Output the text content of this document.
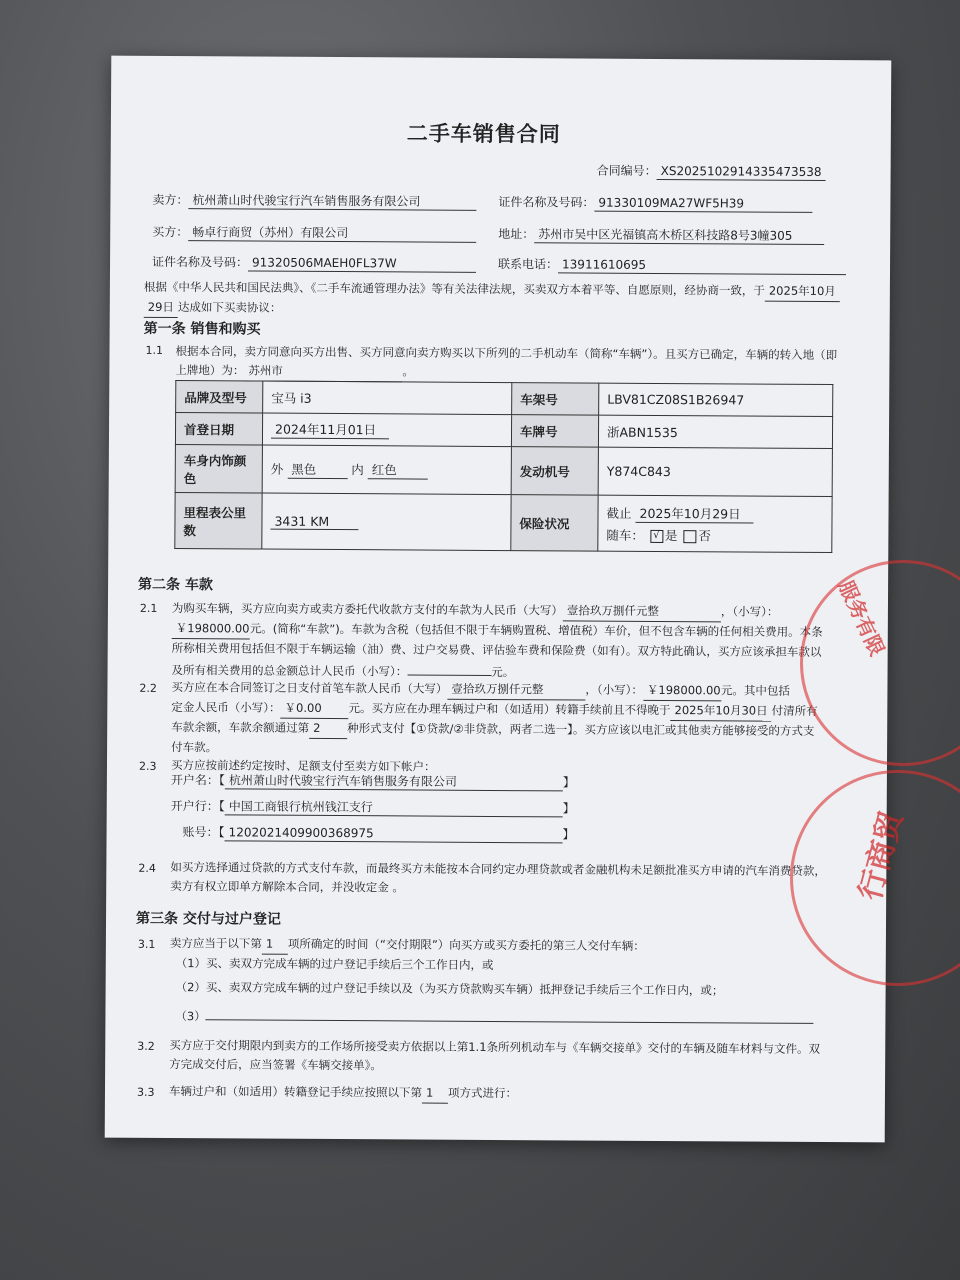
二手车销售合同
合同编号： XS2025102914335473538
卖方： 杭州萧山时代骏宝行汽车销售服务有限公司	证件名称及号码： 91330109MA27WF5H39
买方： 畅卓行商贸（苏州）有限公司	地址： 苏州市吴中区光福镇高木桥区科技路8号3幢305
证件名称及号码： 91320506MAEH0FL37W	联系电话： 13911610695
根据《中华人民共和国民法典》、《二手车流通管理办法》等有关法律法规，买卖双方本着平等、自愿原则，经协商一致，于 2025年10月
29日 达成如下买卖协议：
第一条 销售和购买
1.1 根据本合同，卖方同意向买方出售、买方同意向卖方购买以下所列的二手机动车（简称“车辆”）。且买方已确定，车辆的转入地（即
上牌地）为： 苏州市	。
品牌及型号	宝马 i3	车架号	LBV81CZ08S1B26947
首登日期	2024年11月01日	车牌号	浙ABN1535
车身内饰颜色	外 黑色 内 红色	发动机号	Y874C843
里程表公里数	3431 KM	保险状况	截止 2025年10月29日
随车： √ 是 否
第二条 车款
2.1 为购买车辆，买方应向卖方或卖方委托代收款方支付的车款为人民币（大写） 壹拾玖万捌仟元整	，（小写）：
￥198000.00元。(简称“车款”)。车款为含税（包括但不限于车辆购置税、增值税）车价，但不包含车辆的任何相关费用。本条
所称相关费用包括但不限于车辆运输（油）费、过户交易费、评估验车费和保险费（如有）。双方特此确认，买方应该承担车款以
及所有相关费用的总金额总计人民币（小写）：	元。
2.2 买方应在本合同签订之日支付首笔车款人民币（大写） 壹拾玖万捌仟元整	，（小写）： ￥198000.00元。其中包括
定金人民币（小写）： ￥0.00 元。买方应在办理车辆过户和（如适用）转籍手续前且不得晚于 2025年10月30日 付清所有
车款余额，车款余额通过第 2 种形式支付【①贷款/②非贷款，两者二选一】。买方应该以电汇或其他卖方能够接受的方式支
付车款。
2.3 买方应按前述约定按时、足额支付至卖方如下帐户：
开户名：【 杭州萧山时代骏宝行汽车销售服务有限公司	】
开户行：【 中国工商银行杭州钱江支行	】
账号：【 1202021409900368975	】
2.4 如买方选择通过贷款的方式支付车款，而最终买方未能按本合同约定办理贷款或者金融机构未足额批准买方申请的汽车消费贷款，
卖方有权立即单方解除本合同，并没收定金 。
第三条 交付与过户登记
3.1 卖方应当于以下第 1 项所确定的时间（“交付期限”）向买方或买方委托的第三人交付车辆：
（1）买、卖双方完成车辆的过户登记手续后三个工作日内，或
（2）买、卖双方完成车辆的过户登记手续以及（为买方贷款购买车辆）抵押登记手续后三个工作日内，或；
（3）
3.2 买方应于交付期限内到卖方的工作场所接受卖方依据以上第1.1条所列机动车与《车辆交接单》交付的车辆及随车材料与文件。双
方完成交付后，应当签署《车辆交接单》。
3.3 车辆过户和（如适用）转籍登记手续应按照以下第 1 项方式进行：
服务有限
行商贸
